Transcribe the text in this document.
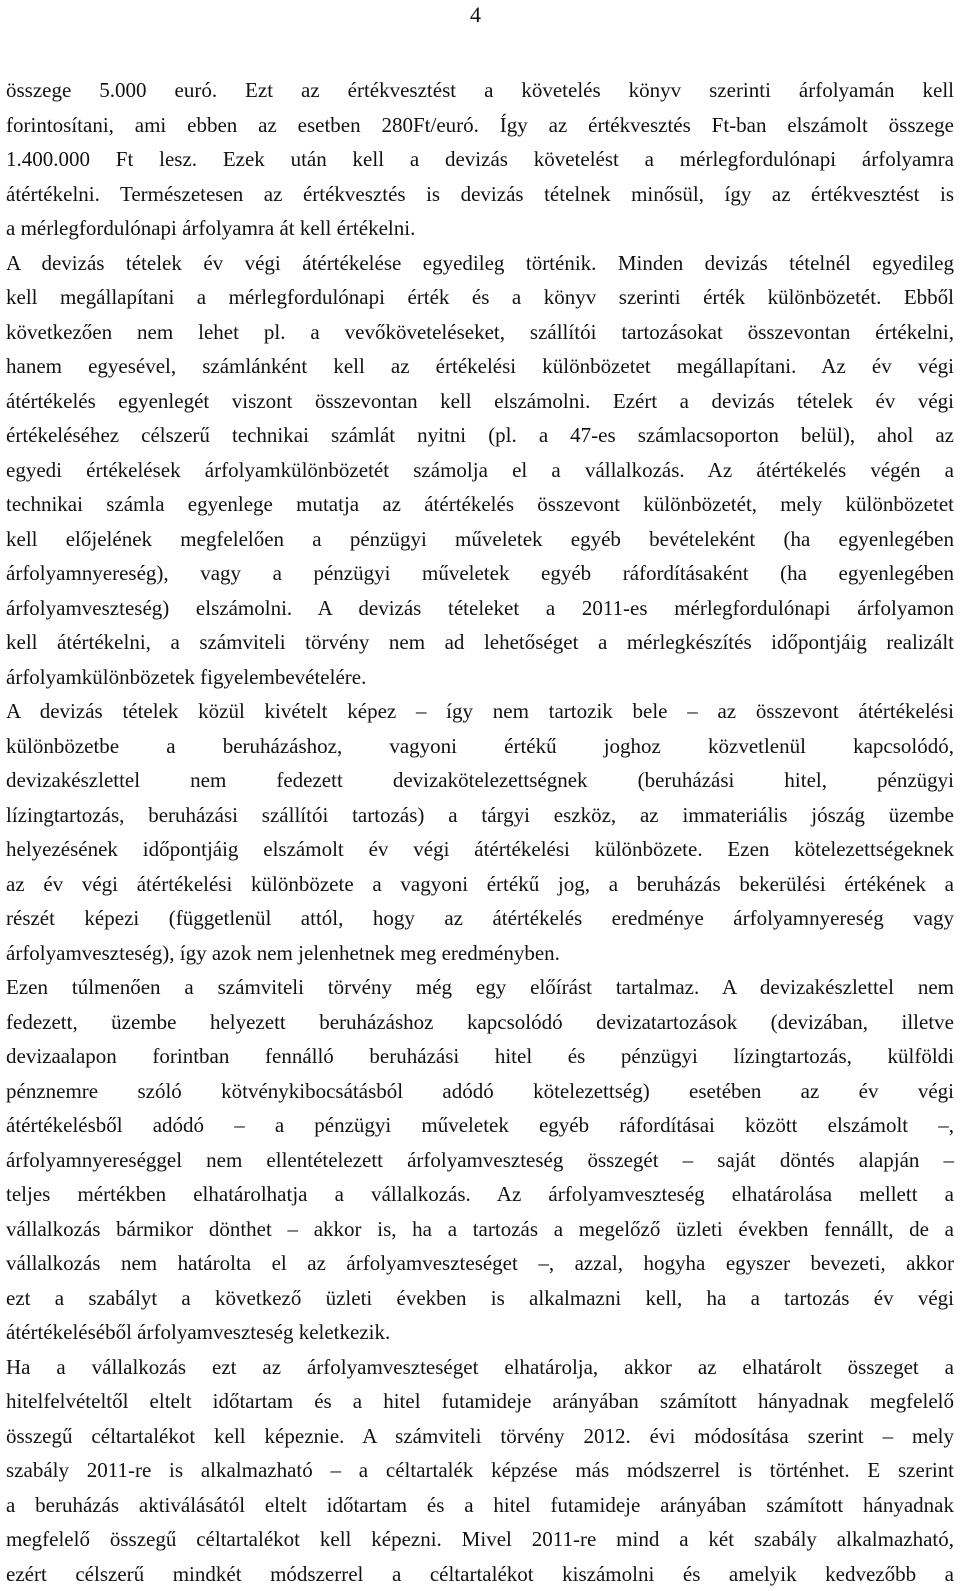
4
összege 5.000 euró. Ezt az értékvesztést a követelés könyv szerinti árfolyamán kell
forintosítani, ami ebben az esetben 280Ft/euró. Így az értékvesztés Ft-ban elszámolt összege
1.400.000 Ft lesz. Ezek után kell a devizás követelést a mérlegfordulónapi árfolyamra
átértékelni. Természetesen az értékvesztés is devizás tételnek minősül, így az értékvesztést is
a mérlegfordulónapi árfolyamra át kell értékelni.
A devizás tételek év végi átértékelése egyedileg történik. Minden devizás tételnél egyedileg
kell megállapítani a mérlegfordulónapi érték és a könyv szerinti érték különbözetét. Ebből
következően nem lehet pl. a vevőköveteléseket, szállítói tartozásokat összevontan értékelni,
hanem egyesével, számlánként kell az értékelési különbözetet megállapítani. Az év végi
átértékelés egyenlegét viszont összevontan kell elszámolni. Ezért a devizás tételek év végi
értékeléséhez célszerű technikai számlát nyitni (pl. a 47-es számlacsoporton belül), ahol az
egyedi értékelések árfolyamkülönbözetét számolja el a vállalkozás. Az átértékelés végén a
technikai számla egyenlege mutatja az átértékelés összevont különbözetét, mely különbözetet
kell előjelének megfelelően a pénzügyi műveletek egyéb bevételeként (ha egyenlegében
árfolyamnyereség), vagy a pénzügyi műveletek egyéb ráfordításaként (ha egyenlegében
árfolyamveszteség) elszámolni. A devizás tételeket a 2011-es mérlegfordulónapi árfolyamon
kell átértékelni, a számviteli törvény nem ad lehetőséget a mérlegkészítés időpontjáig realizált
árfolyamkülönbözetek figyelembevételére.
A devizás tételek közül kivételt képez – így nem tartozik bele – az összevont átértékelési
különbözetbe a beruházáshoz, vagyoni értékű joghoz közvetlenül kapcsolódó,
devizakészlettel nem fedezett devizakötelezettségnek (beruházási hitel, pénzügyi
lízingtartozás, beruházási szállítói tartozás) a tárgyi eszköz, az immateriális jószág üzembe
helyezésének időpontjáig elszámolt év végi átértékelési különbözete. Ezen kötelezettségeknek
az év végi átértékelési különbözete a vagyoni értékű jog, a beruházás bekerülési értékének a
részét képezi (függetlenül attól, hogy az átértékelés eredménye árfolyamnyereség vagy
árfolyamveszteség), így azok nem jelenhetnek meg eredményben.
Ezen túlmenően a számviteli törvény még egy előírást tartalmaz. A devizakészlettel nem
fedezett, üzembe helyezett beruházáshoz kapcsolódó devizatartozások (devizában, illetve
devizaalapon forintban fennálló beruházási hitel és pénzügyi lízingtartozás, külföldi
pénznemre szóló kötvénykibocsátásból adódó kötelezettség) esetében az év végi
átértékelésből adódó – a pénzügyi műveletek egyéb ráfordításai között elszámolt –,
árfolyamnyereséggel nem ellentételezett árfolyamveszteség összegét – saját döntés alapján –
teljes mértékben elhatárolhatja a vállalkozás. Az árfolyamveszteség elhatárolása mellett a
vállalkozás bármikor dönthet – akkor is, ha a tartozás a megelőző üzleti években fennállt, de a
vállalkozás nem határolta el az árfolyamveszteséget –, azzal, hogyha egyszer bevezeti, akkor
ezt a szabályt a következő üzleti években is alkalmazni kell, ha a tartozás év végi
átértékeléséből árfolyamveszteség keletkezik.
Ha a vállalkozás ezt az árfolyamveszteséget elhatárolja, akkor az elhatárolt összeget a
hitelfelvételtől eltelt időtartam és a hitel futamideje arányában számított hányadnak megfelelő
összegű céltartalékot kell képeznie. A számviteli törvény 2012. évi módosítása szerint – mely
szabály 2011-re is alkalmazható – a céltartalék képzése más módszerrel is történhet. E szerint
a beruházás aktiválásától eltelt időtartam és a hitel futamideje arányában számított hányadnak
megfelelő összegű céltartalékot kell képezni. Mivel 2011-re mind a két szabály alkalmazható,
ezért célszerű mindkét módszerrel a céltartalékot kiszámolni és amelyik kedvezőbb a
